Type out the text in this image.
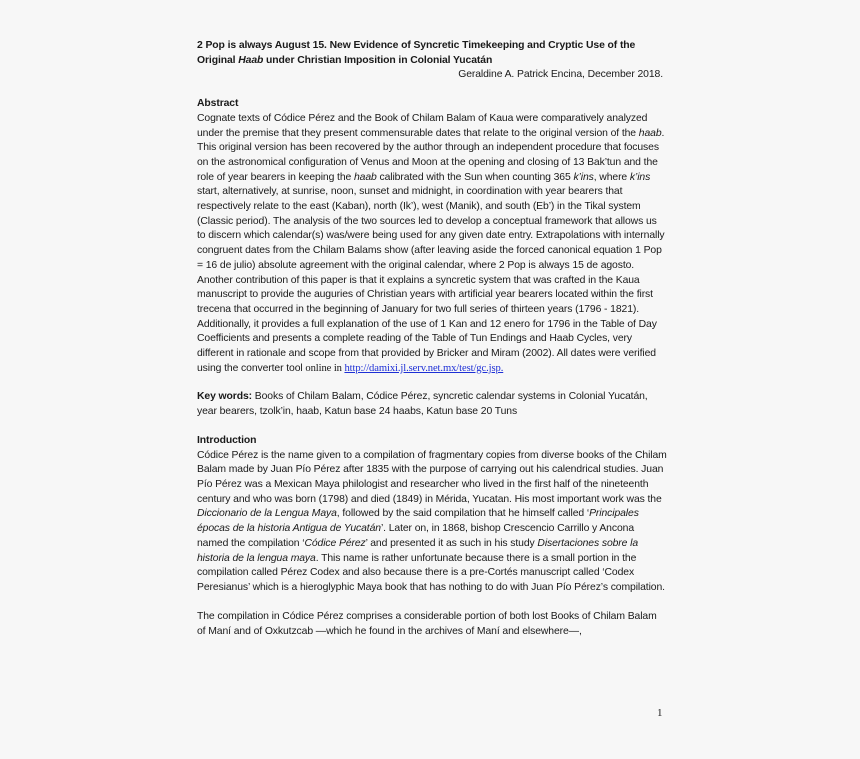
2 Pop is always August 15. New Evidence of Syncretic Timekeeping and Cryptic Use of the Original Haab under Christian Imposition in Colonial Yucatán

Geraldine A. Patrick Encina, December 2018.

Abstract

Cognate texts of Códice Pérez and the Book of Chilam Balam of Kaua were comparatively analyzed under the premise that they present commensurable dates that relate to the original version of the haab. This original version has been recovered by the author through an independent procedure that focuses on the astronomical configuration of Venus and Moon at the opening and closing of 13 Bak’tun and the role of year bearers in keeping the haab calibrated with the Sun when counting 365 k’ins, where k’ins start, alternatively, at sunrise, noon, sunset and midnight, in coordination with year bearers that respectively relate to the east (Kaban), north (Ik’), west (Manik), and south (Eb’) in the Tikal system (Classic period). The analysis of the two sources led to develop a conceptual framework that allows us to discern which calendar(s) was/were being used for any given date entry. Extrapolations with internally congruent dates from the Chilam Balams show (after leaving aside the forced canonical equation 1 Pop = 16 de julio) absolute agreement with the original calendar, where 2 Pop is always 15 de agosto. Another contribution of this paper is that it explains a syncretic system that was crafted in the Kaua manuscript to provide the auguries of Christian years with artificial year bearers located within the first trecena that occurred in the beginning of January for two full series of thirteen years (1796 - 1821). Additionally, it provides a full explanation of the use of 1 Kan and 12 enero for 1796 in the Table of Day Coefficients and presents a complete reading of the Table of Tun Endings and Haab Cycles, very different in rationale and scope from that provided by Bricker and Miram (2002). All dates were verified using the converter tool online in http://damixi.jl.serv.net.mx/test/gc.jsp.

Key words: Books of Chilam Balam, Códice Pérez, syncretic calendar systems in Colonial Yucatán, year bearers, tzolk’in, haab, Katun base 24 haabs, Katun base 20 Tuns

Introduction

Códice Pérez is the name given to a compilation of fragmentary copies from diverse books of the Chilam Balam made by Juan Pío Pérez after 1835 with the purpose of carrying out his calendrical studies. Juan Pío Pérez was a Mexican Maya philologist and researcher who lived in the first half of the nineteenth century and who was born (1798) and died (1849) in Mérida, Yucatan. His most important work was the Diccionario de la Lengua Maya, followed by the said compilation that he himself called ‘Principales épocas de la historia Antigua de Yucatán’. Later on, in 1868, bishop Crescencio Carrillo y Ancona named the compilation ‘Códice Pérez’ and presented it as such in his study Disertaciones sobre la historia de la lengua maya. This name is rather unfortunate because there is a small portion in the compilation called Pérez Codex and also because there is a pre-Cortés manuscript called ‘Codex Peresianus’ which is a hieroglyphic Maya book that has nothing to do with Juan Pío Pérez’s compilation.

The compilation in Códice Pérez comprises a considerable portion of both lost Books of Chilam Balam of Maní and of Oxkutzcab —which he found in the archives of Maní and elsewhere—,

1
